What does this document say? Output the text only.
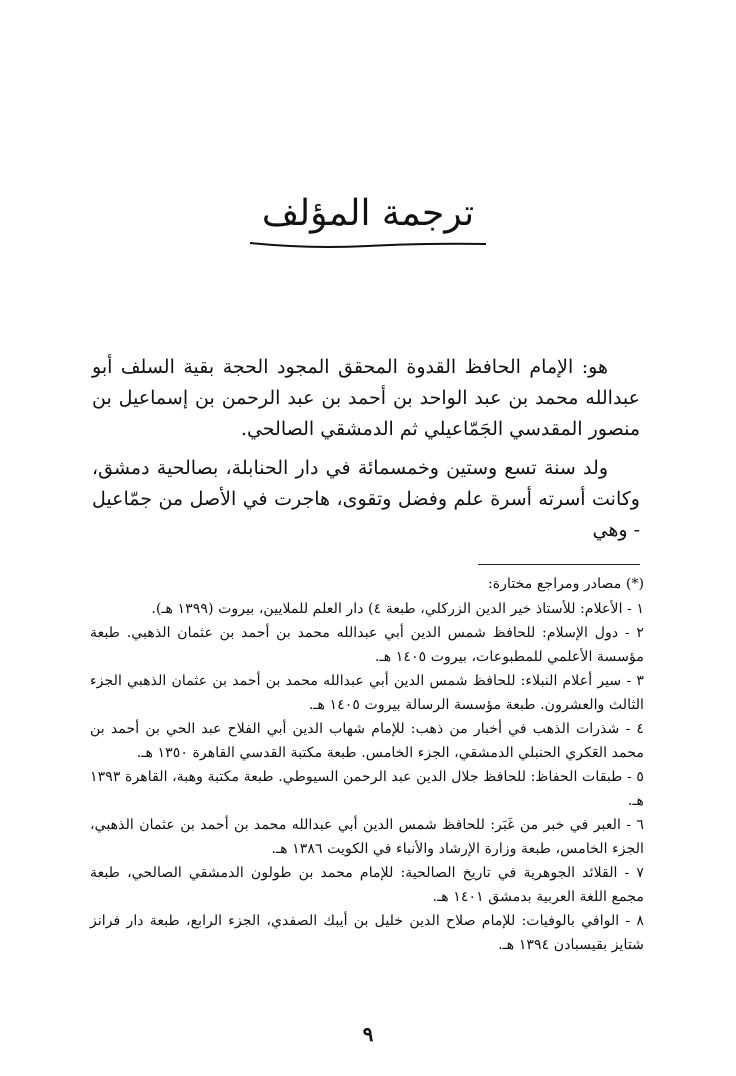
ترجمة المؤلف

هو: الإمام الحافظ القدوة المحقق المجود الحجة بقية السلف أبو عبدالله محمد بن عبد الواحد بن أحمد بن عبد الرحمن بن إسماعيل بن منصور المقدسي الجَمّاعيلي ثم الدمشقي الصالحي.

ولد سنة تسع وستين وخمسمائة في دار الحنابلة، بصالحية دمشق، وكانت أسرته أسرة علم وفضل وتقوى، هاجرت في الأصل من جمّاعيل - وهي

(*) مصادر ومراجع مختارة:

١ - الأعلام: للأستاذ خير الدين الزركلي، طبعة ٤) دار العلم للملايين، بيروت (١٣٩٩ هـ).

٢ - دول الإسلام: للحافظ شمس الدين أبي عبدالله محمد بن أحمد بن عثمان الذهبي. طبعة مؤسسة الأعلمي للمطبوعات، بيروت ١٤٠٥ هـ.

٣ - سير أعلام النبلاء: للحافظ شمس الدين أبي عبدالله محمد بن أحمد بن عثمان الذهبي الجزء الثالث والعشرون. طبعة مؤسسة الرسالة بيروت ١٤٠٥ هـ.

٤ - شذرات الذهب في أخبار من ذهب: للإمام شهاب الدين أبي الفلاح عبد الحي بن أحمد بن محمد العَكري الحنبلي الدمشقي، الجزء الخامس. طبعة مكتبة القدسي القاهرة ١٣٥٠ هـ.

٥ - طبقات الحفاظ: للحافظ جلال الدين عبد الرحمن السيوطي. طبعة مكتبة وهبة، القاهرة ١٣٩٣ هـ.

٦ - العبر في خبر من غَبَر: للحافظ شمس الدين أبي عبدالله محمد بن أحمد بن عثمان الذهبي، الجزء الخامس، طبعة وزارة الإرشاد والأنباء في الكويت ١٣٨٦ هـ.

٧ - القلائد الجوهرية في تاريخ الصالحية: للإمام محمد بن طولون الدمشقي الصالحي، طبعة مجمع اللغة العربية بدمشق ١٤٠١ هـ.

٨ - الوافي بالوفيات: للإمام صلاح الدين خليل بن أيبك الصفدي، الجزء الرابع، طبعة دار فرانز شتايز بقيسبادن ١٣٩٤ هـ.

٩
